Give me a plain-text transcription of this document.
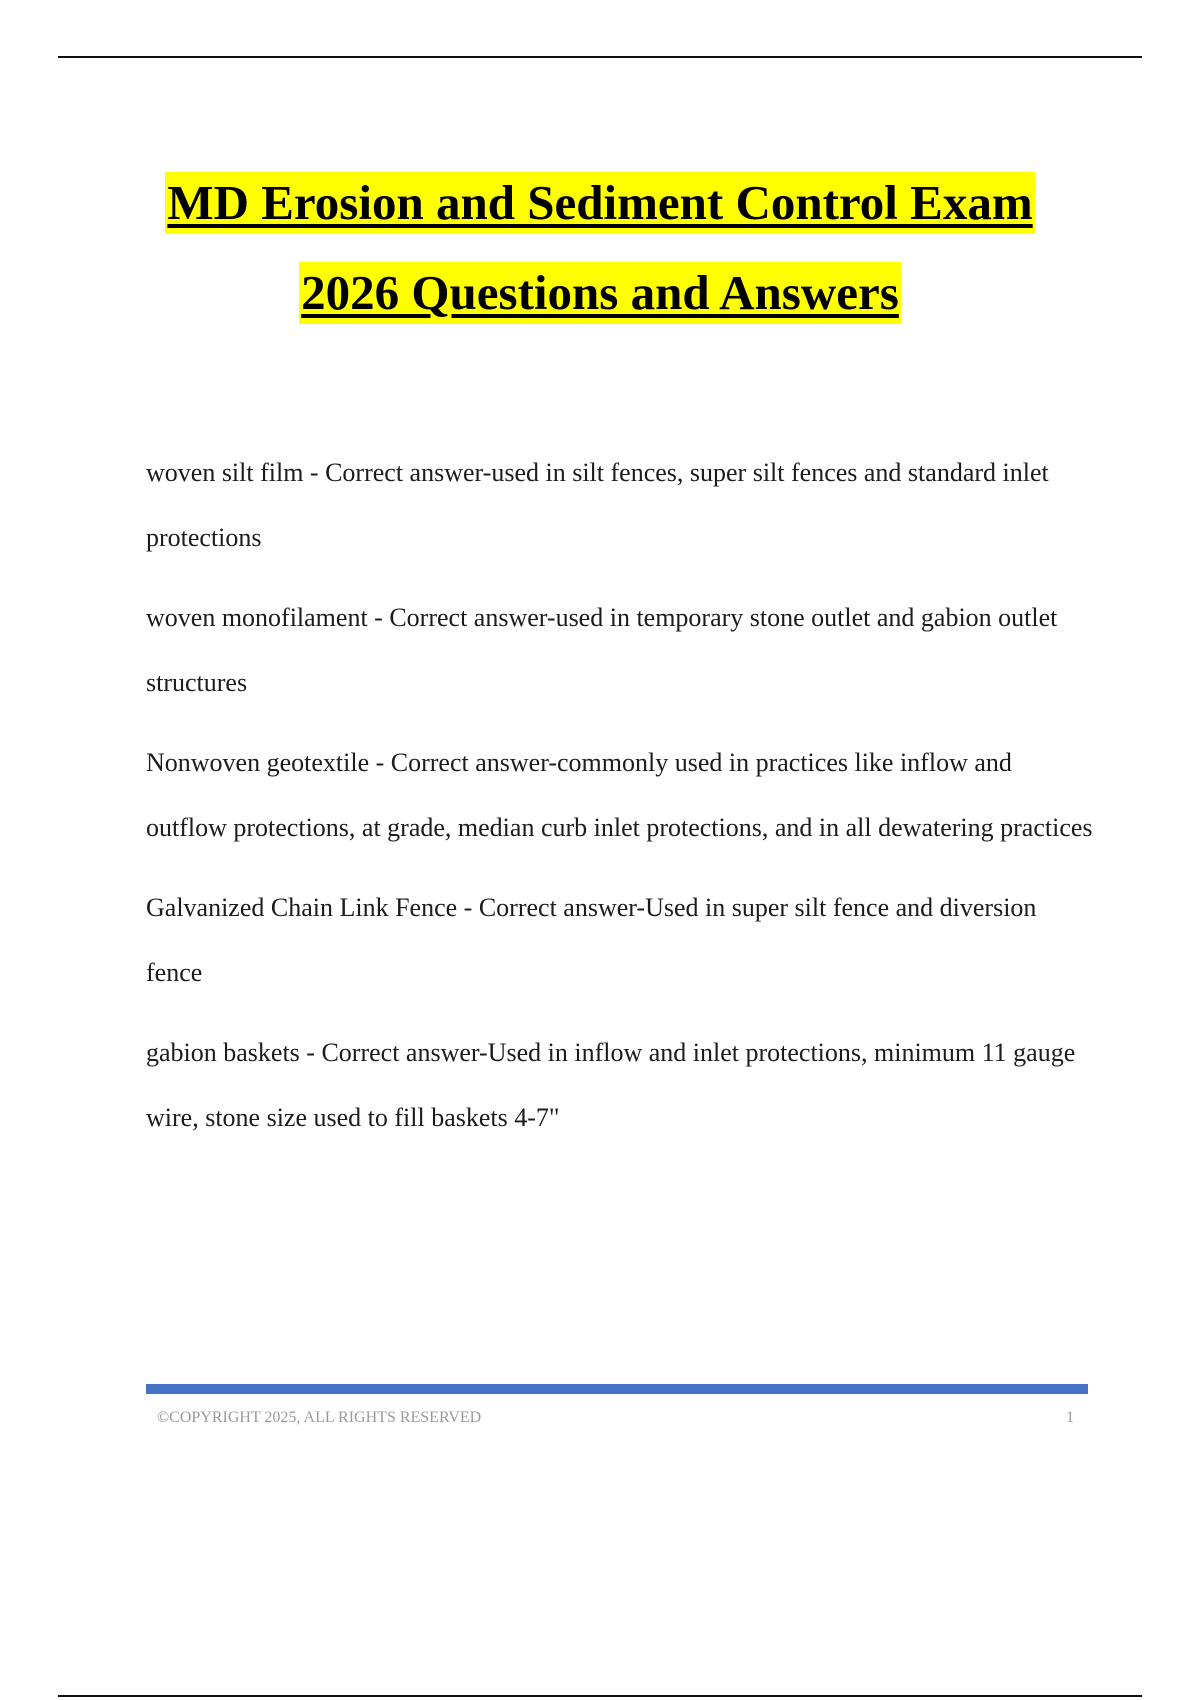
MD Erosion and Sediment Control Exam

2026 Questions and Answers

woven silt film - Correct answer-used in silt fences, super silt fences and standard inlet protections

woven monofilament - Correct answer-used in temporary stone outlet and gabion outlet structures

Nonwoven geotextile - Correct answer-commonly used in practices like inflow and outflow protections, at grade, median curb inlet protections, and in all dewatering practices

Galvanized Chain Link Fence - Correct answer-Used in super silt fence and diversion fence

gabion baskets - Correct answer-Used in inflow and inlet protections, minimum 11 gauge wire, stone size used to fill baskets 4-7"

©COPYRIGHT 2025, ALL RIGHTS RESERVED	1
